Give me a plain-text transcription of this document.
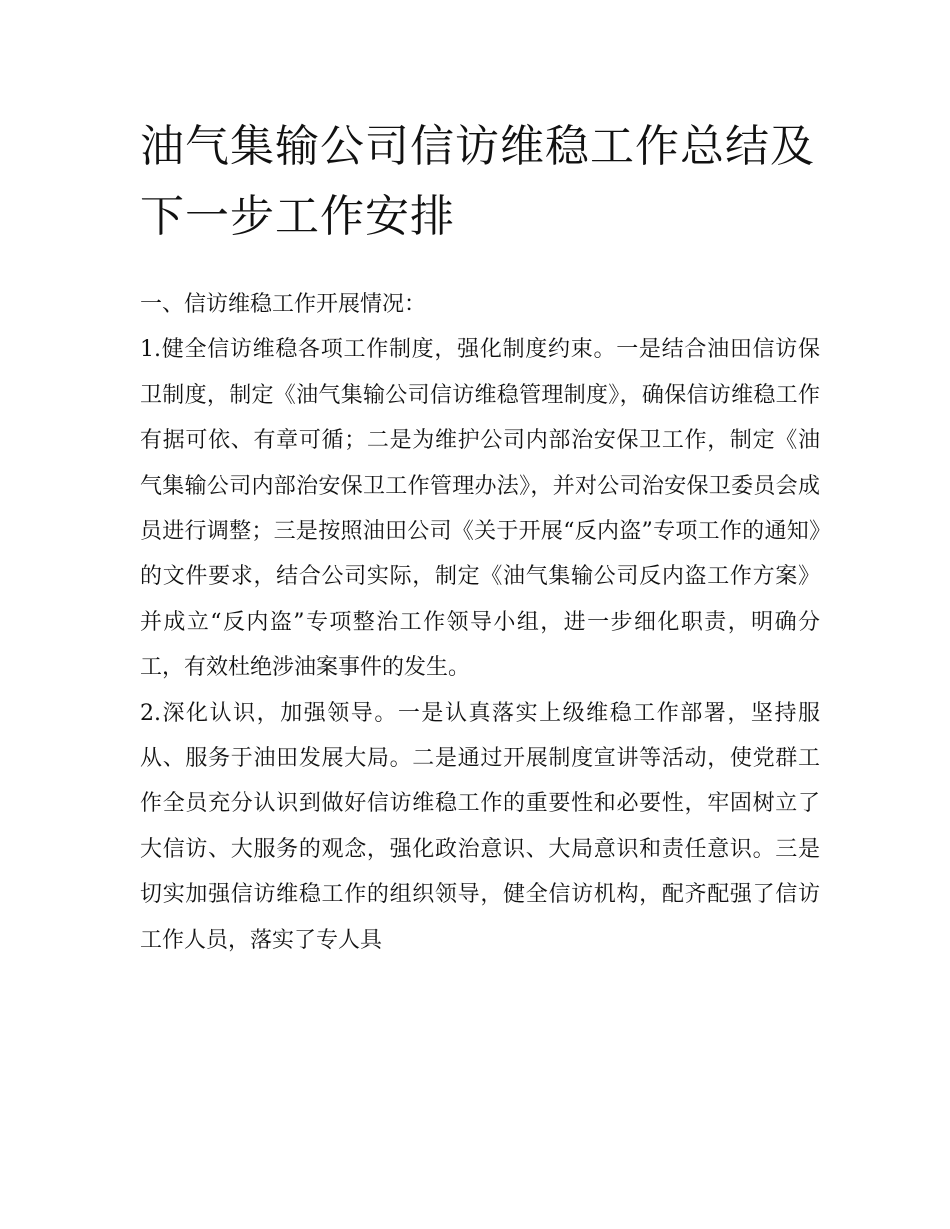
油气集输公司信访维稳工作总结及下一步工作安排

一、信访维稳工作开展情况：

1.健全信访维稳各项工作制度，强化制度约束。一是结合油田信访保卫制度，制定《油气集输公司信访维稳管理制度》，确保信访维稳工作有据可依、有章可循；二是为维护公司内部治安保卫工作，制定《油气集输公司内部治安保卫工作管理办法》，并对公司治安保卫委员会成员进行调整；三是按照油田公司《关于开展“反内盗”专项工作的通知》的文件要求，结合公司实际，制定《油气集输公司反内盗工作方案》并成立“反内盗”专项整治工作领导小组，进一步细化职责，明确分工，有效杜绝涉油案事件的发生。

2.深化认识，加强领导。一是认真落实上级维稳工作部署，坚持服从、服务于油田发展大局。二是通过开展制度宣讲等活动，使党群工作全员充分认识到做好信访维稳工作的重要性和必要性，牢固树立了大信访、大服务的观念，强化政治意识、大局意识和责任意识。三是切实加强信访维稳工作的组织领导，健全信访机构，配齐配强了信访工作人员，落实了专人具
